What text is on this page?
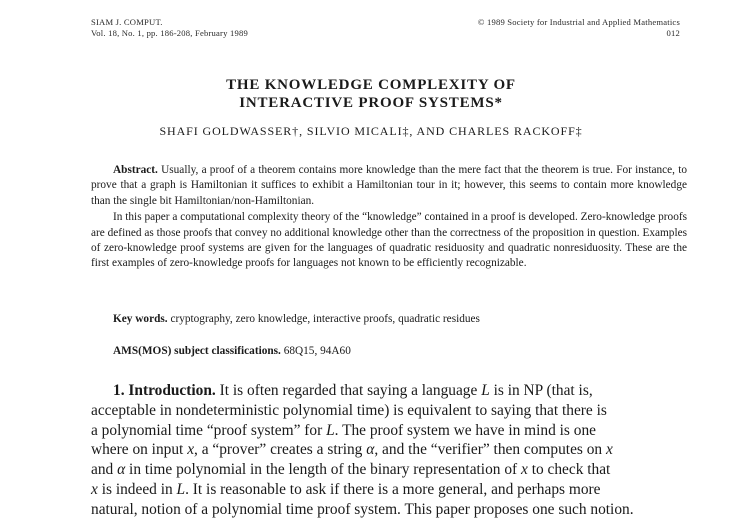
SIAM J. COMPUT.
Vol. 18, No. 1, pp. 186-208, February 1989
© 1989 Society for Industrial and Applied Mathematics
012
THE KNOWLEDGE COMPLEXITY OF
INTERACTIVE PROOF SYSTEMS*
SHAFI GOLDWASSER†, SILVIO MICALI‡, AND CHARLES RACKOFF‡

Abstract. Usually, a proof of a theorem contains more knowledge than the mere fact that the theorem is true. For instance, to prove that a graph is Hamiltonian it suffices to exhibit a Hamiltonian tour in it; however, this seems to contain more knowledge than the single bit Hamiltonian/non-Hamiltonian.

In this paper a computational complexity theory of the “knowledge” contained in a proof is developed. Zero-knowledge proofs are defined as those proofs that convey no additional knowledge other than the correctness of the proposition in question. Examples of zero-knowledge proof systems are given for the languages of quadratic residuosity and quadratic nonresiduosity. These are the first examples of zero-knowledge proofs for languages not known to be efficiently recognizable.

Key words. cryptography, zero knowledge, interactive proofs, quadratic residues
AMS(MOS) subject classifications. 68Q15, 94A60
1. Introduction. It is often regarded that saying a language L is in NP (that is,
acceptable in nondeterministic polynomial time) is equivalent to saying that there is
a polynomial time “proof system” for L. The proof system we have in mind is one
where on input x, a “prover” creates a string α, and the “verifier” then computes on x
and α in time polynomial in the length of the binary representation of x to check that
x is indeed in L. It is reasonable to ask if there is a more general, and perhaps more
natural, notion of a polynomial time proof system. This paper proposes one such notion.
